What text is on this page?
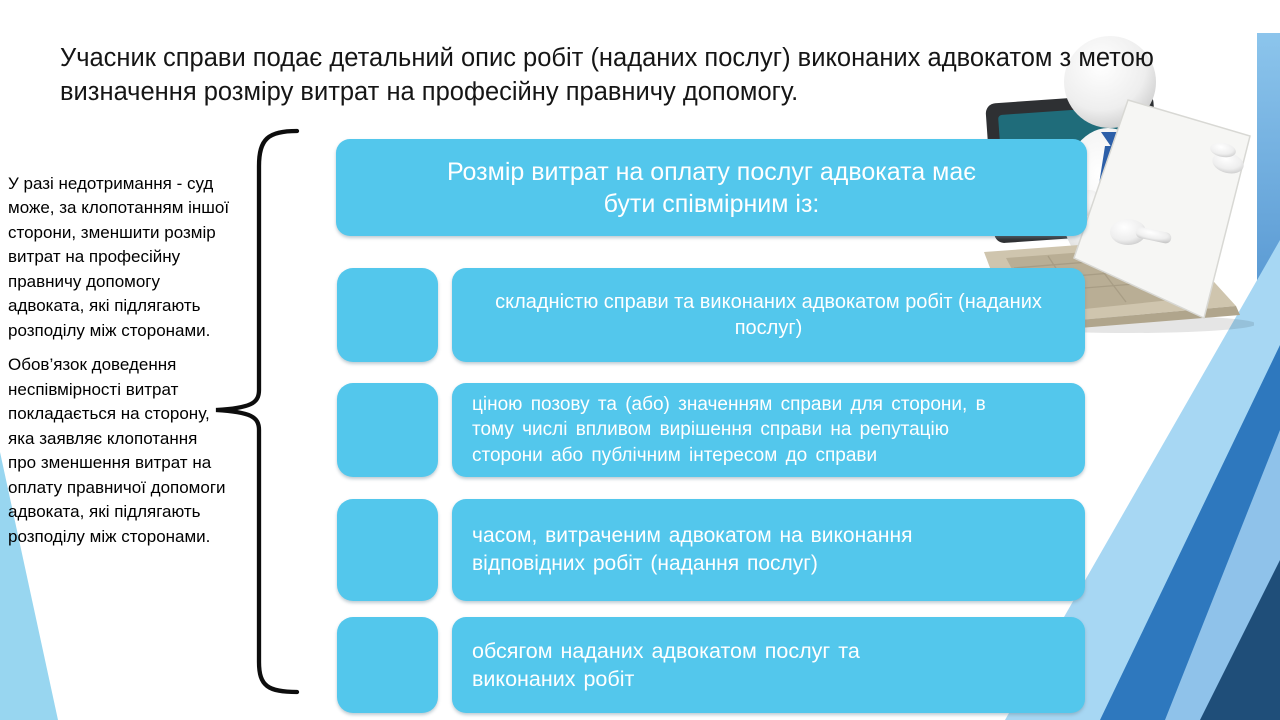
Учасник справи подає детальний опис робіт (наданих послуг) виконаних адвокатом з метою визначення розміру витрат на професійну правничу допомогу.

У разі недотримання - суд може, за клопотанням іншої сторони, зменшити розмір витрат на професійну правничу допомогу адвоката, які підлягають розподілу між сторонами.

Обов’язок доведення неспівмірності витрат покладається на сторону, яка заявляє клопотання про зменшення витрат на оплату правничої допомоги адвоката, які підлягають розподілу між сторонами.

Розмір витрат на оплату послуг адвоката має бути співмірним із:
складністю справи та виконаних адвокатом робіт (наданих послуг)
ціною позову та (або) значенням справи для сторони, в тому числі впливом вирішення справи на репутацію сторони або публічним інтересом до справи
часом, витраченим адвокатом на виконання відповідних робіт (надання послуг)
обсягом наданих адвокатом послуг та виконаних робіт
